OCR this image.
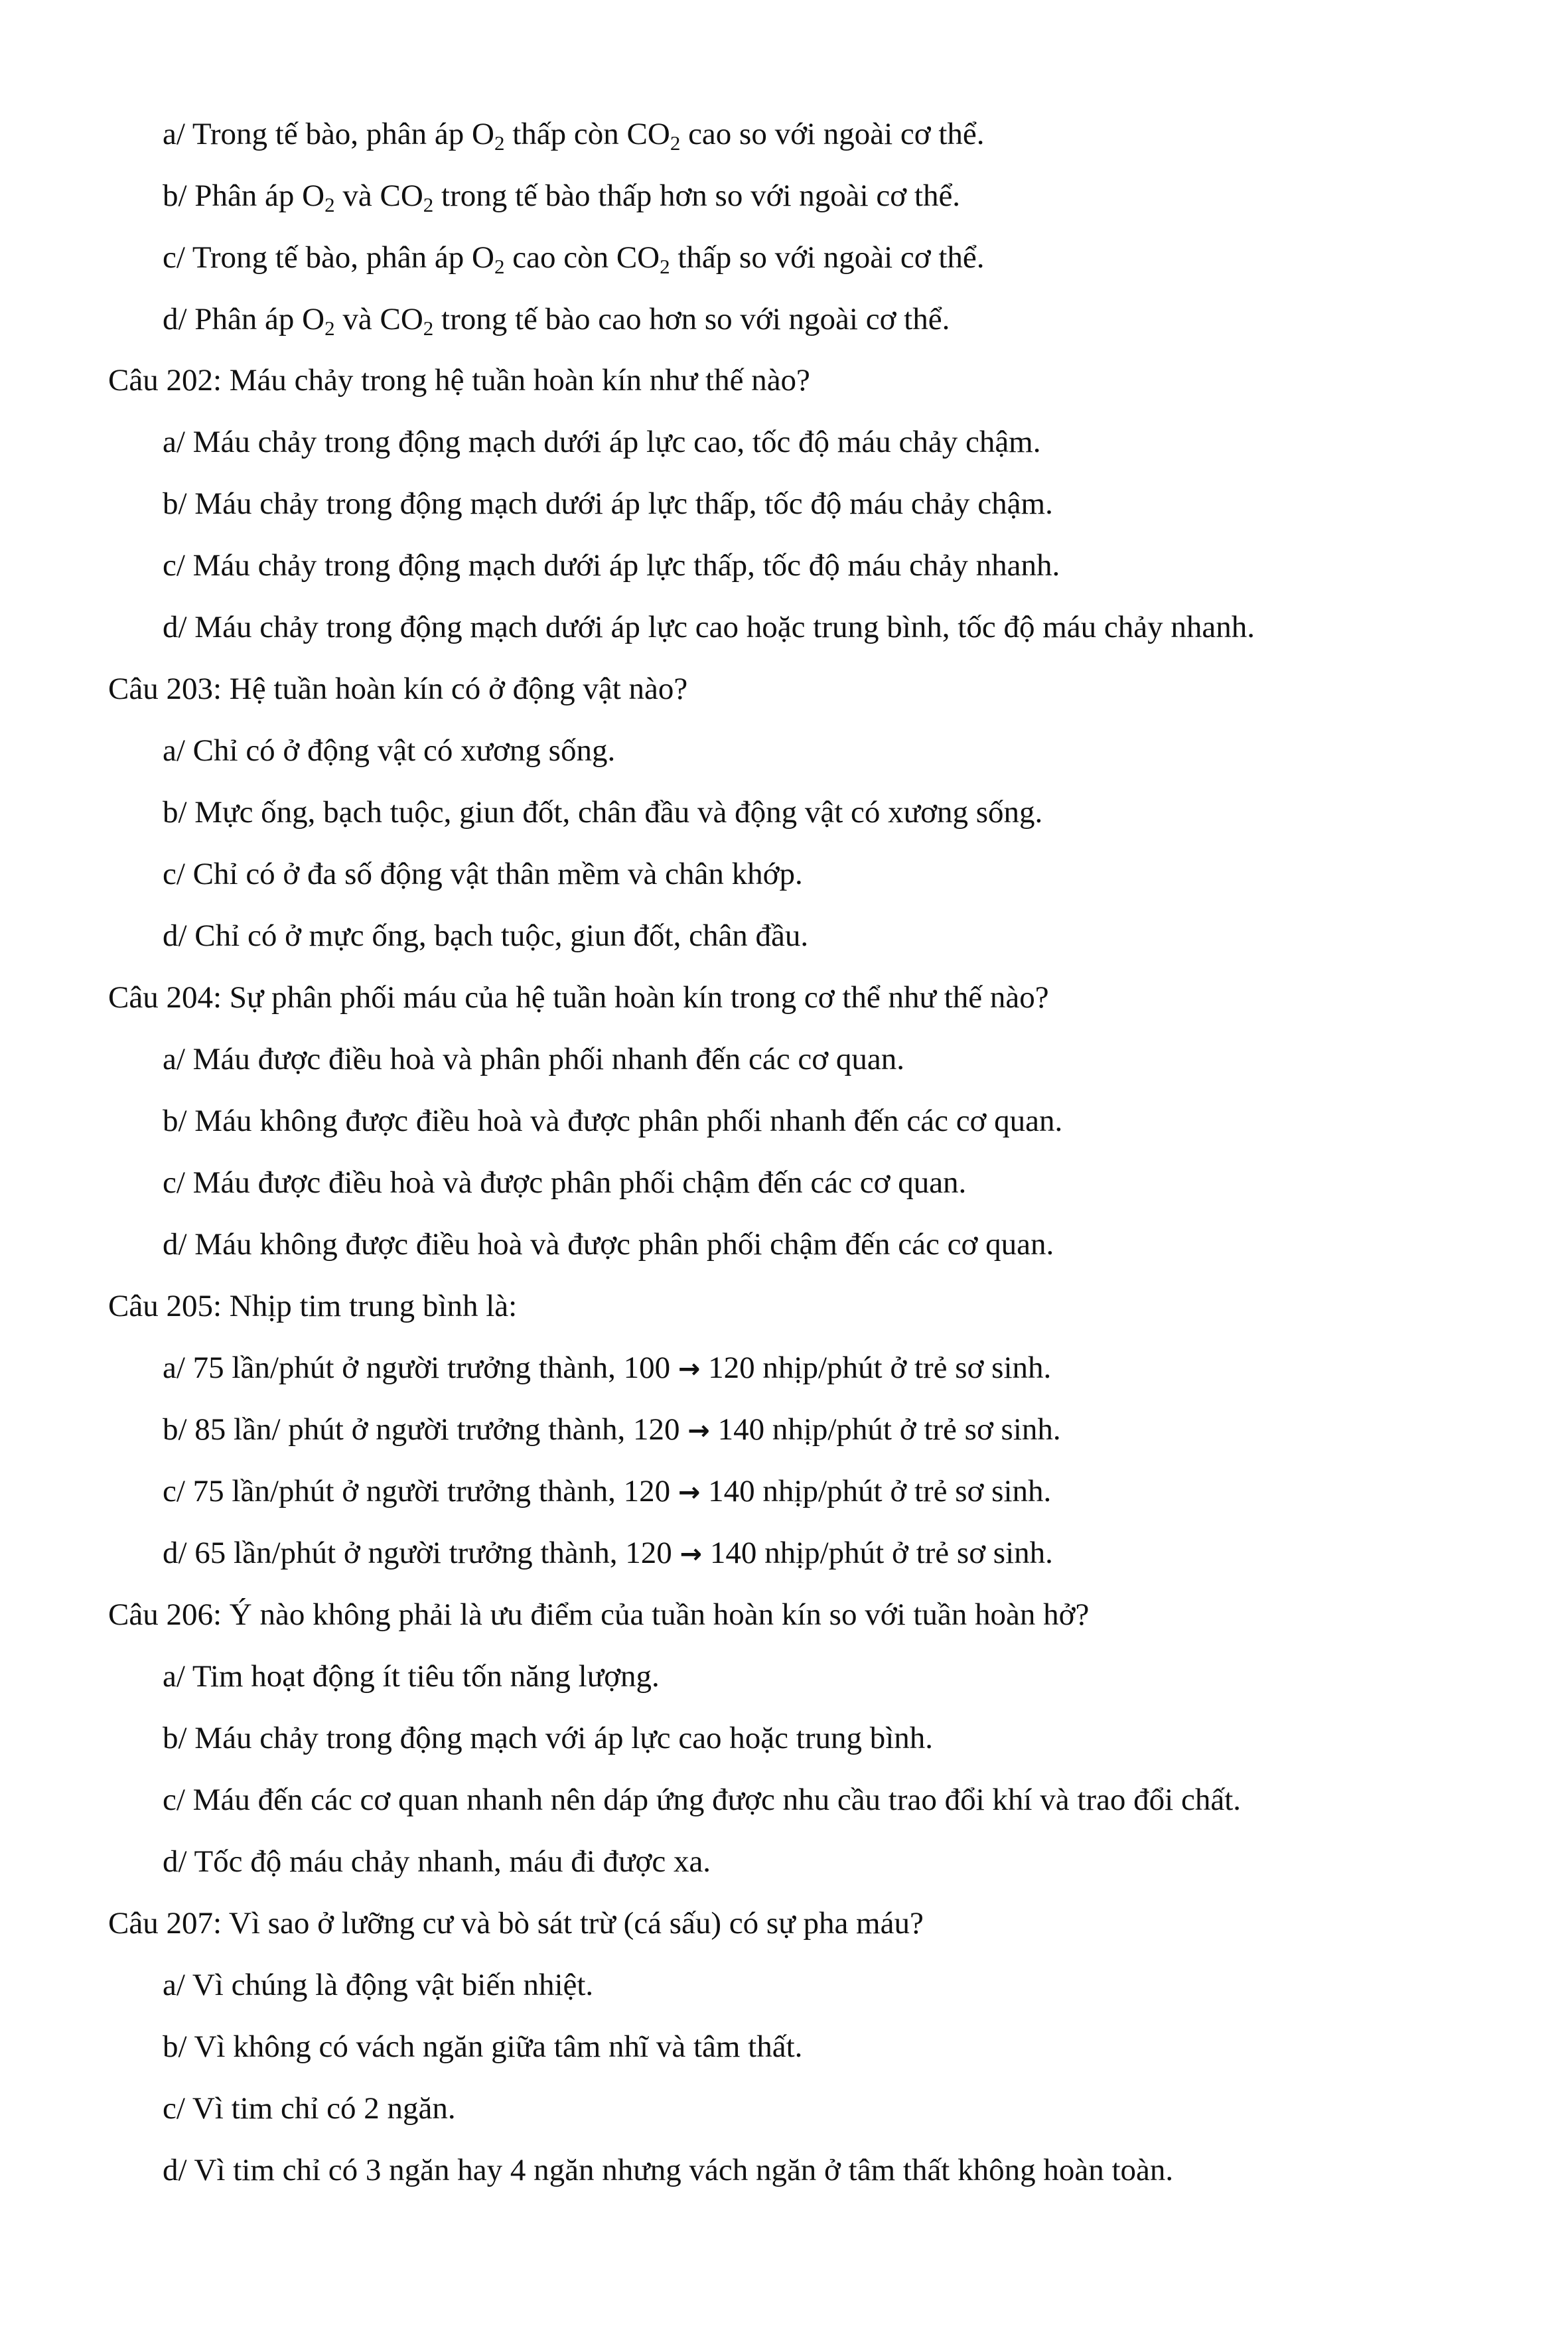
a/ Trong tế bào, phân áp $O_2$ thấp còn $CO_2$ cao so với ngoài cơ thể.
b/ Phân áp $O_2$ và $CO_2$ trong tế bào thấp hơn so với ngoài cơ thể.
c/ Trong tế bào, phân áp $O_2$ cao còn $CO_2$ thấp so với ngoài cơ thể.
d/ Phân áp $O_2$ và $CO_2$ trong tế bào cao hơn so với ngoài cơ thể.
Câu 202: Máu chảy trong hệ tuần hoàn kín như thế nào?
a/ Máu chảy trong động mạch dưới áp lực cao, tốc độ máu chảy chậm.
b/ Máu chảy trong động mạch dưới áp lực thấp, tốc độ máu chảy chậm.
c/ Máu chảy trong động mạch dưới áp lực thấp, tốc độ máu chảy nhanh.
d/ Máu chảy trong động mạch dưới áp lực cao hoặc trung bình, tốc độ máu chảy nhanh.
Câu 203: Hệ tuần hoàn kín có ở động vật nào?
a/ Chỉ có ở động vật có xương sống.
b/ Mực ống, bạch tuộc, giun đốt, chân đầu và động vật có xương sống.
c/ Chỉ có ở đa số động vật thân mềm và chân khớp.
d/ Chỉ có ở mực ống, bạch tuộc, giun đốt, chân đầu.
Câu 204: Sự phân phối máu của hệ tuần hoàn kín trong cơ thể như thế nào?
a/ Máu được điều hoà và phân phối nhanh đến các cơ quan.
b/ Máu không được điều hoà và được phân phối nhanh đến các cơ quan.
c/ Máu được điều hoà và được phân phối chậm đến các cơ quan.
d/ Máu không được điều hoà và được phân phối chậm đến các cơ quan.
Câu 205: Nhịp tim trung bình là:
a/ 75 lần/phút ở người trưởng thành, 100 → 120 nhịp/phút ở trẻ sơ sinh.
b/ 85 lần/ phút ở người trưởng thành, 120 → 140 nhịp/phút ở trẻ sơ sinh.
c/ 75 lần/phút ở người trưởng thành, 120 → 140 nhịp/phút ở trẻ sơ sinh.
d/ 65 lần/phút ở người trưởng thành, 120 → 140 nhịp/phút ở trẻ sơ sinh.
Câu 206: Ý nào không phải là ưu điểm của tuần hoàn kín so với tuần hoàn hở?
a/ Tim hoạt động ít tiêu tốn năng lượng.
b/ Máu chảy trong động mạch với áp lực cao hoặc trung bình.
c/ Máu đến các cơ quan nhanh nên dáp ứng được nhu cầu trao đổi khí và trao đổi chất.
d/ Tốc độ máu chảy nhanh, máu đi được xa.
Câu 207: Vì sao ở lưỡng cư và bò sát trừ (cá sấu) có sự pha máu?
a/ Vì chúng là động vật biến nhiệt.
b/ Vì không có vách ngăn giữa tâm nhĩ và tâm thất.
c/ Vì tim chỉ có 2 ngăn.
d/ Vì tim chỉ có 3 ngăn hay 4 ngăn nhưng vách ngăn ở tâm thất không hoàn toàn.
